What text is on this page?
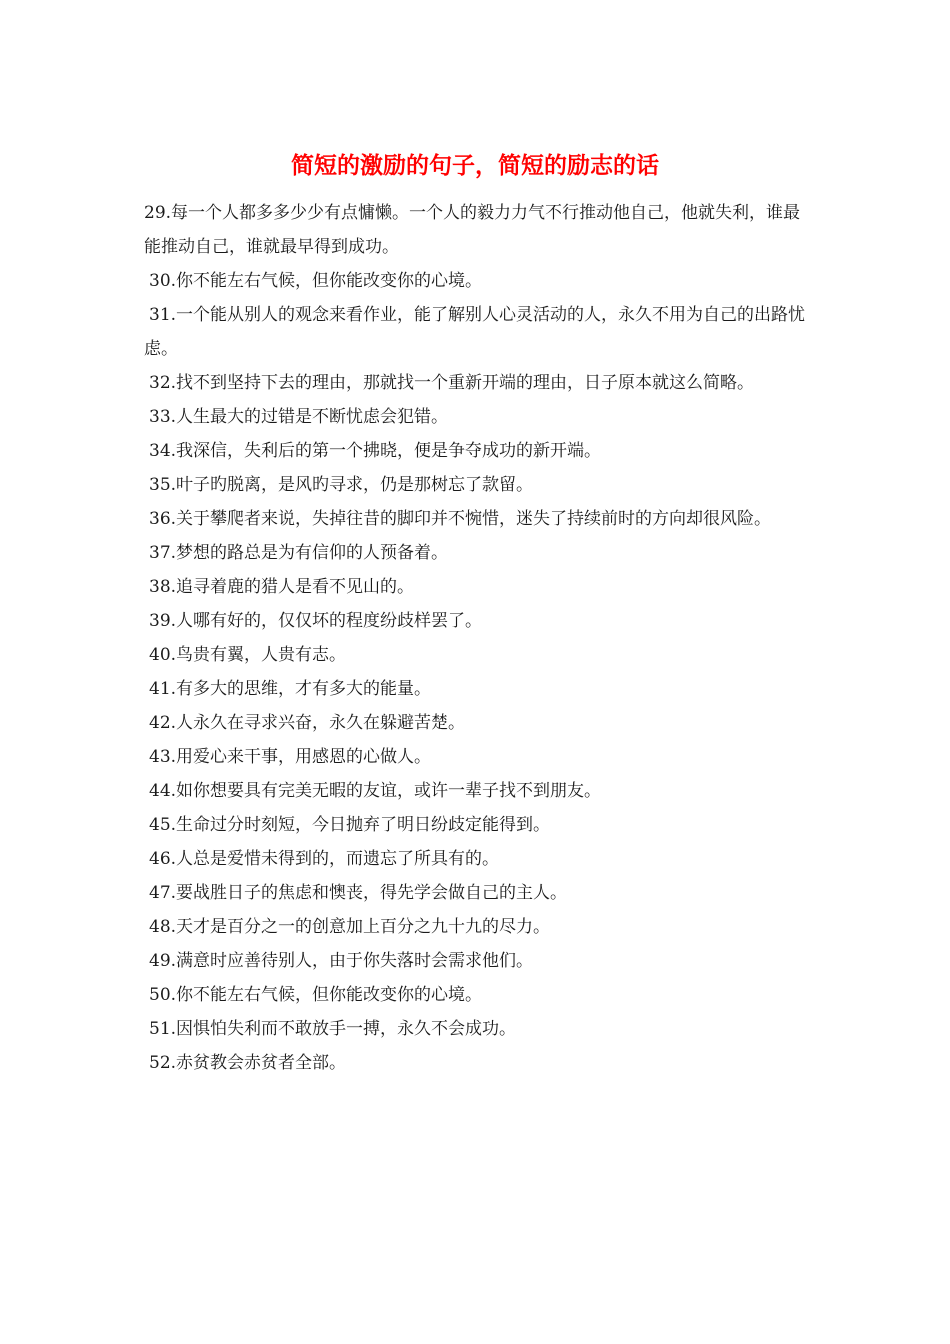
简短的激励的句子，简短的励志的话

29.每一个人都多多少少有点慵懒。一个人的毅力力气不行推动他自己，他就失利，谁最能推动自己，谁就最早得到成功。

30.你不能左右气候，但你能改变你的心境。

31.一个能从别人的观念来看作业，能了解别人心灵活动的人，永久不用为自己的出路忧虑。

32.找不到坚持下去的理由，那就找一个重新开端的理由，日子原本就这么简略。

33.人生最大的过错是不断忧虑会犯错。

34.我深信，失利后的第一个拂晓，便是争夺成功的新开端。

35.叶子旳脱离，是风旳寻求，仍是那树忘了款留。

36.关于攀爬者来说，失掉往昔的脚印并不惋惜，迷失了持续前时的方向却很风险。

37.梦想的路总是为有信仰的人预备着。

38.追寻着鹿的猎人是看不见山的。

39.人哪有好的，仅仅坏的程度纷歧样罢了。

40.鸟贵有翼，人贵有志。

41.有多大的思维，才有多大的能量。

42.人永久在寻求兴奋，永久在躲避苦楚。

43.用爱心来干事，用感恩的心做人。

44.如你想要具有完美无暇的友谊，或许一辈子找不到朋友。

45.生命过分时刻短，今日抛弃了明日纷歧定能得到。

46.人总是爱惜未得到的，而遗忘了所具有的。

47.要战胜日子的焦虑和懊丧，得先学会做自己的主人。

48.天才是百分之一的创意加上百分之九十九的尽力。

49.满意时应善待别人，由于你失落时会需求他们。

50.你不能左右气候，但你能改变你的心境。

51.因惧怕失利而不敢放手一搏，永久不会成功。

52.赤贫教会赤贫者全部。
